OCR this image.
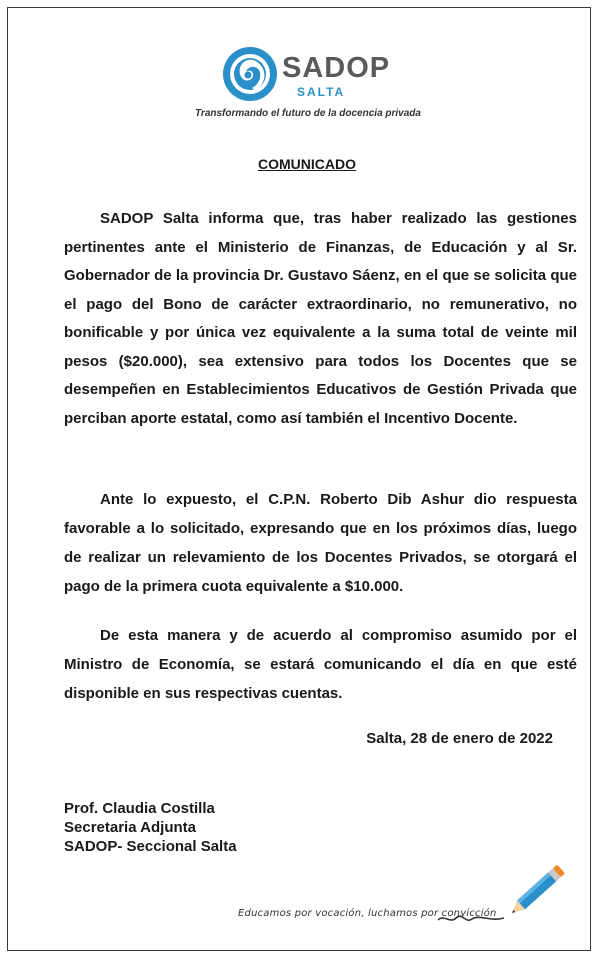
SADOP
SALTA
Transformando el futuro de la docencia privada
COMUNICADO

SADOP Salta informa que, tras haber realizado las gestiones pertinentes ante el Ministerio de Finanzas, de Educación y al Sr. Gobernador de la provincia Dr. Gustavo Sáenz, en el que se solicita que el pago del Bono de carácter extraordinario, no remunerativo, no bonificable y por única vez equivalente a la suma total de veinte mil pesos ($20.000), sea extensivo para todos los Docentes que se desempeñen en Establecimientos Educativos de Gestión Privada que perciban aporte estatal, como así también el Incentivo Docente.

Ante lo expuesto, el C.P.N. Roberto Dib Ashur dio respuesta favorable a lo solicitado, expresando que en los próximos días, luego de realizar un relevamiento de los Docentes Privados, se otorgará el pago de la primera cuota equivalente a $10.000.

De esta manera y de acuerdo al compromiso asumido por el Ministro de Economía, se estará comunicando el día en que esté disponible en sus respectivas cuentas.

Salta, 28 de enero de 2022
Prof. Claudia Costilla
Secretaria Adjunta
SADOP- Seccional Salta
Educamos por vocación, luchamos por convicción
